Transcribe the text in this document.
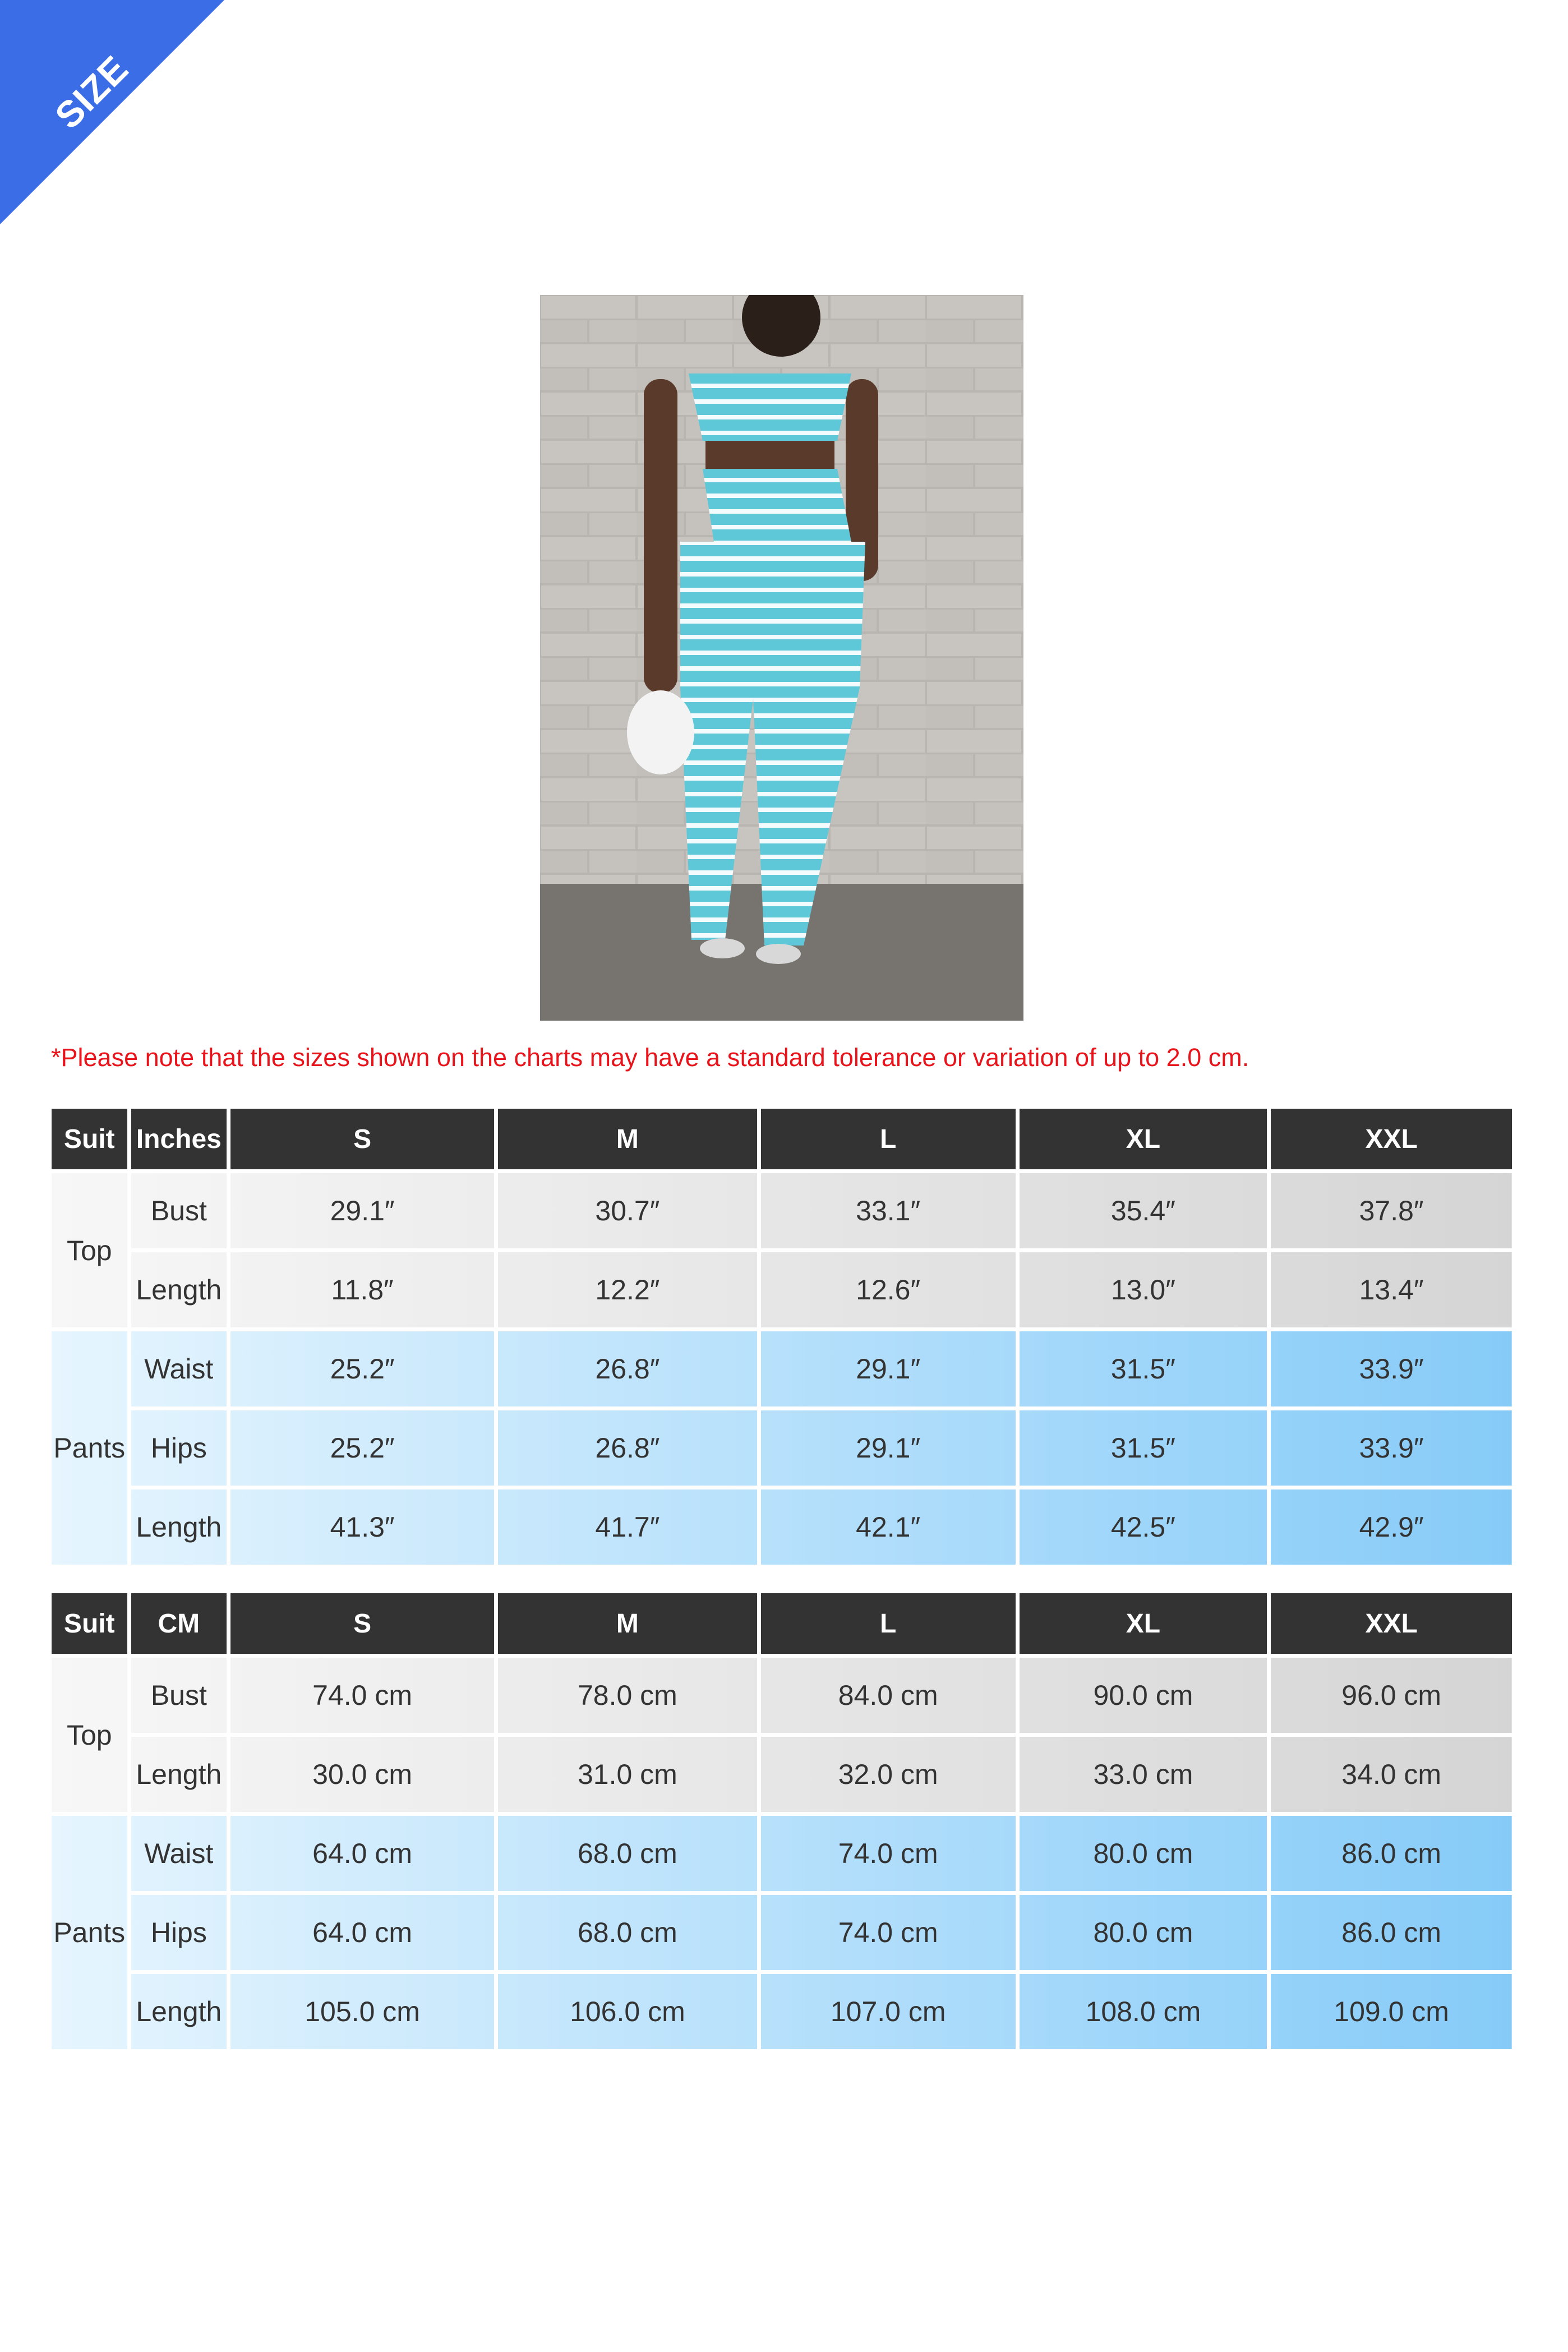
SIZE CHART
*Please note that the sizes shown on the charts may have a standard tolerance or variation of up to 2.0 cm.
Suit	Inches	S	M	L	XL	XXL
Top	Bust	29.1″	30.7″	33.1″	35.4″	37.8″
	Length	11.8″	12.2″	12.6″	13.0″	13.4″
Pants	Waist	25.2″	26.8″	29.1″	31.5″	33.9″
	Hips	25.2″	26.8″	29.1″	31.5″	33.9″
	Length	41.3″	41.7″	42.1″	42.5″	42.9″
Suit	CM	S	M	L	XL	XXL
Top	Bust	74.0 cm	78.0 cm	84.0 cm	90.0 cm	96.0 cm
	Length	30.0 cm	31.0 cm	32.0 cm	33.0 cm	34.0 cm
Pants	Waist	64.0 cm	68.0 cm	74.0 cm	80.0 cm	86.0 cm
	Hips	64.0 cm	68.0 cm	74.0 cm	80.0 cm	86.0 cm
	Length	105.0 cm	106.0 cm	107.0 cm	108.0 cm	109.0 cm
